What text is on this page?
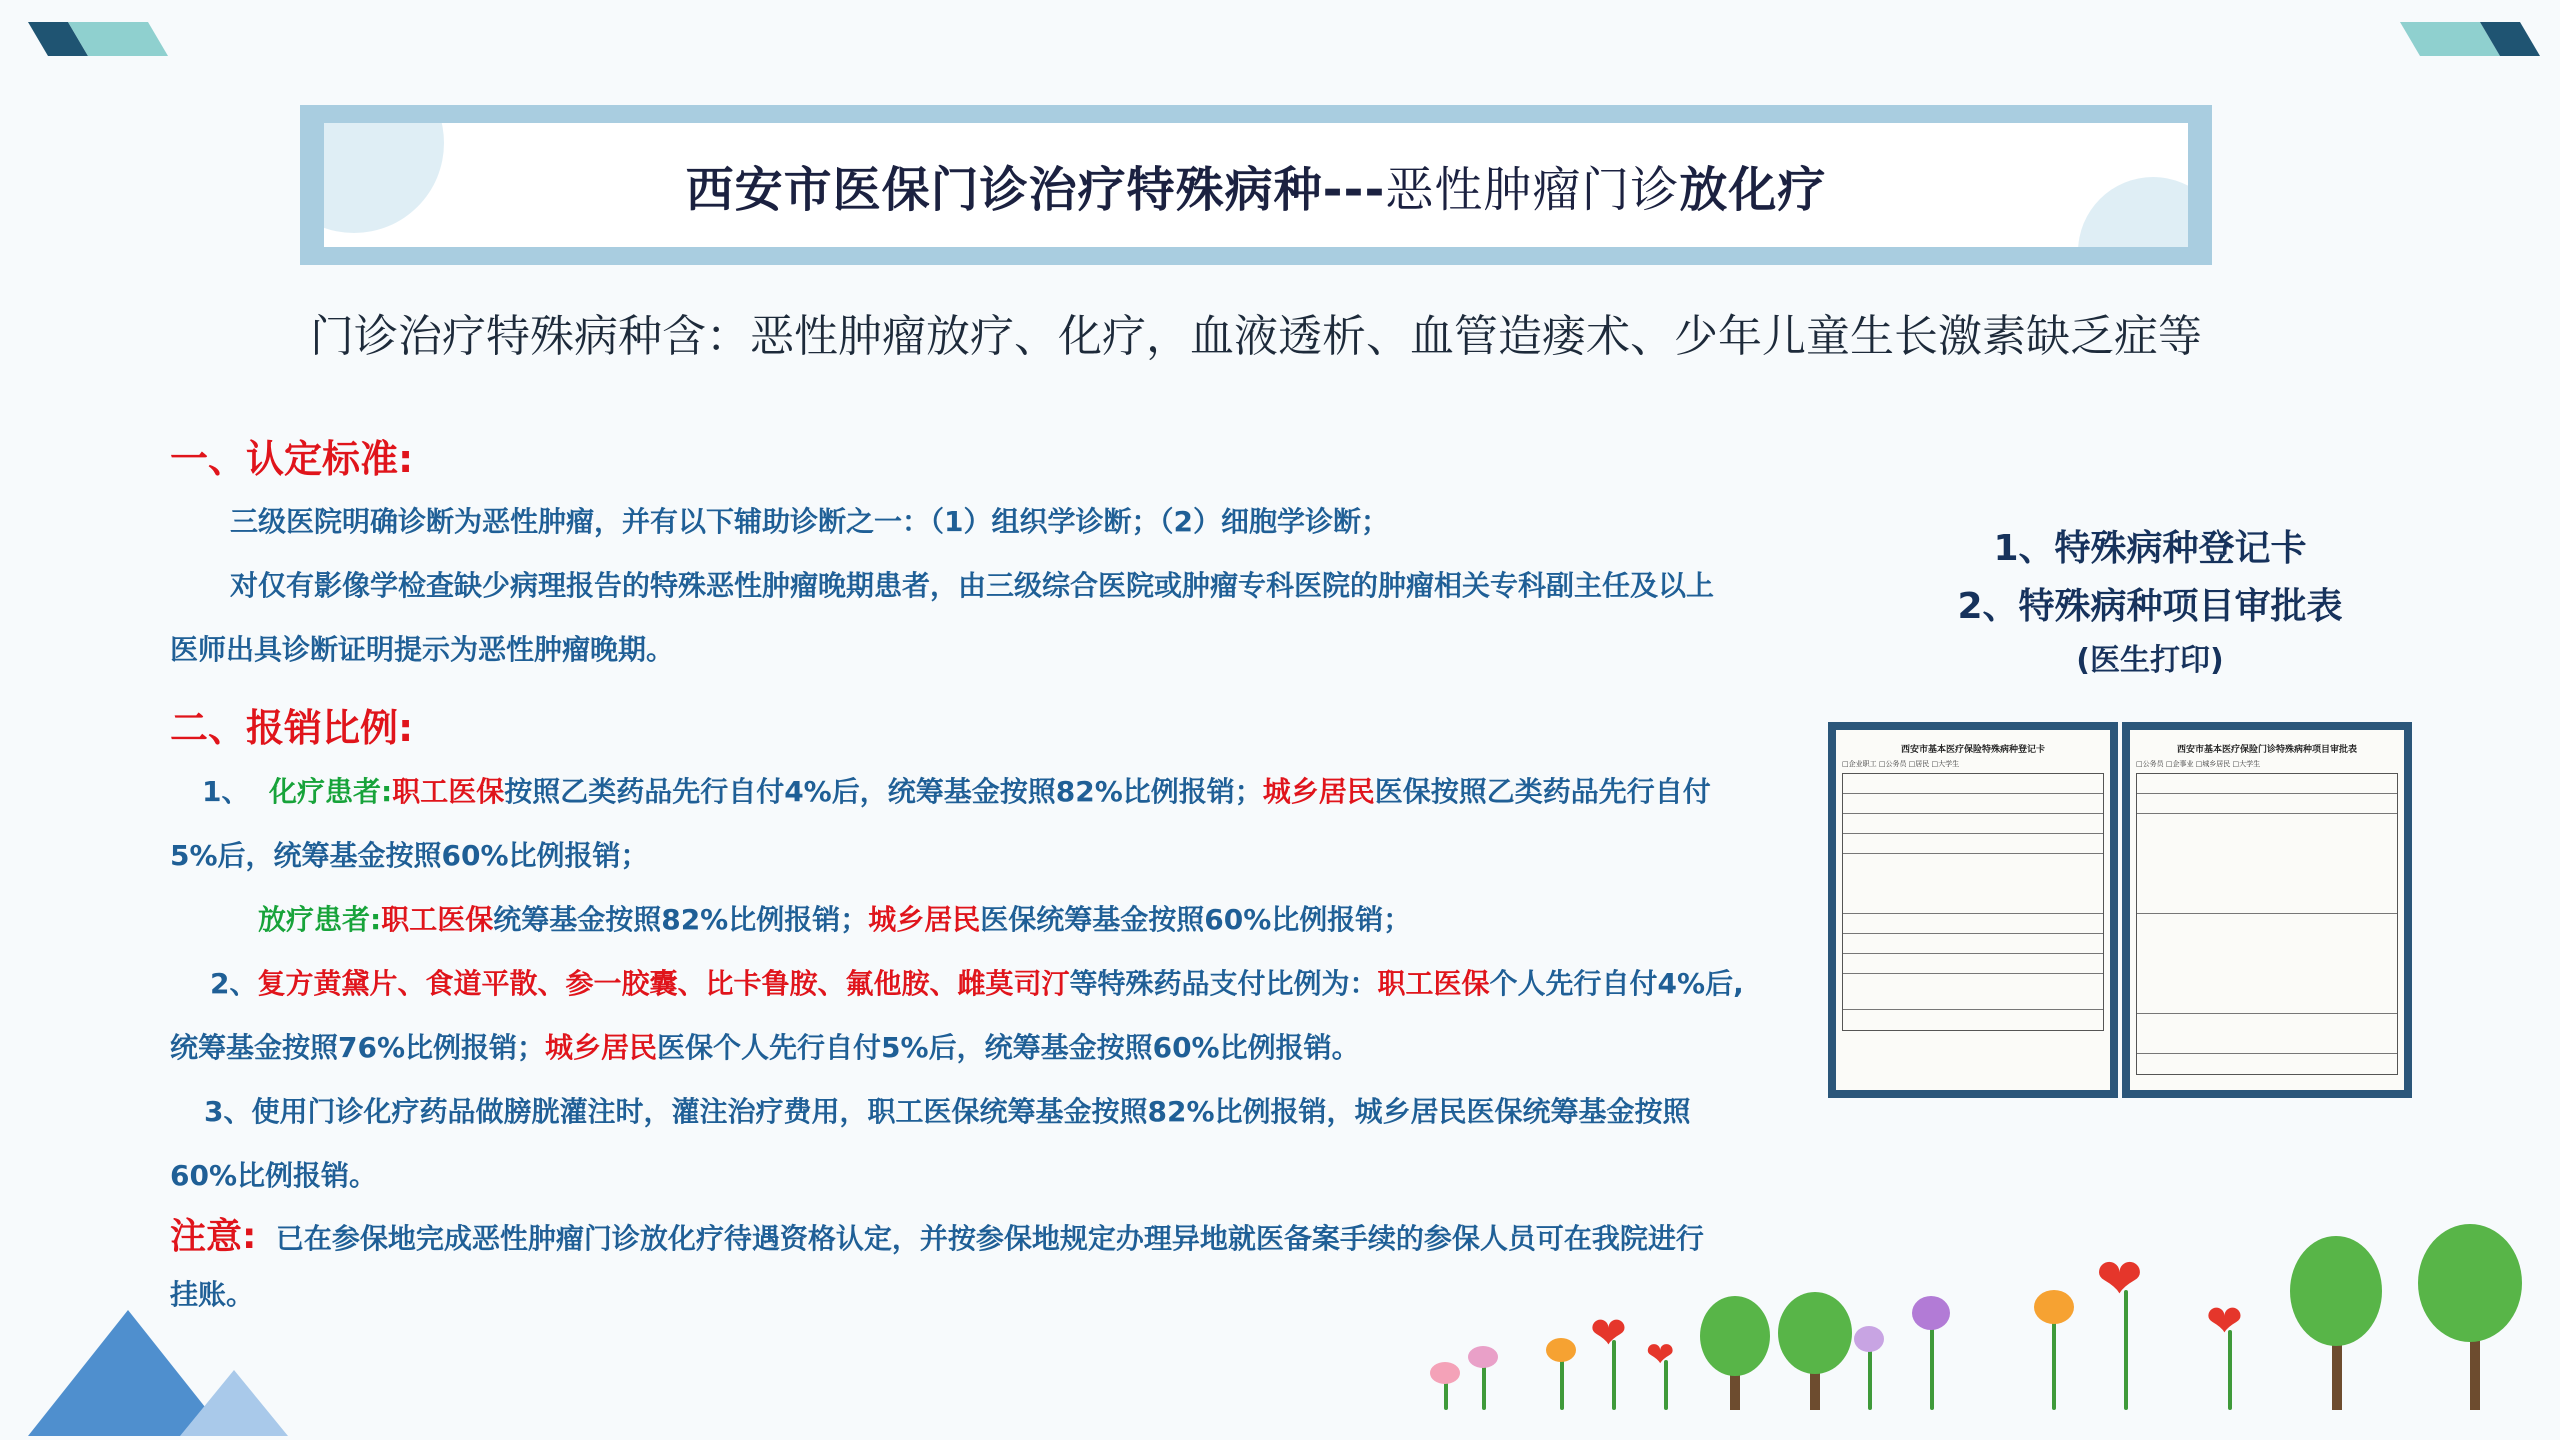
西安市医保门诊治疗特殊病种---恶性肿瘤门诊放化疗
门诊治疗特殊病种含：恶性肿瘤放疗、化疗，血液透析、血管造瘘术、少年儿童生长激素缺乏症等
一、认定标准:
三级医院明确诊断为恶性肿瘤，并有以下辅助诊断之一：（1）组织学诊断；（2）细胞学诊断；
对仅有影像学检查缺少病理报告的特殊恶性肿瘤晚期患者，由三级综合医院或肿瘤专科医院的肿瘤相关专科副主任及以上
医师出具诊断证明提示为恶性肿瘤晚期。
二、报销比例:
1、 化疗患者:职工医保按照乙类药品先行自付4%后，统筹基金按照82%比例报销；城乡居民医保按照乙类药品先行自付
5%后，统筹基金按照60%比例报销；
放疗患者:职工医保统筹基金按照82%比例报销；城乡居民医保统筹基金按照60%比例报销；
2、复方黄黛片、食道平散、参一胶囊、比卡鲁胺、氟他胺、雌莫司汀等特殊药品支付比例为：职工医保个人先行自付4%后,
统筹基金按照76%比例报销；城乡居民医保个人先行自付5%后，统筹基金按照60%比例报销。
3、使用门诊化疗药品做膀胱灌注时，灌注治疗费用，职工医保统筹基金按照82%比例报销，城乡居民医保统筹基金按照
60%比例报销。
注意: 已在参保地完成恶性肿瘤门诊放化疗待遇资格认定，并按参保地规定办理异地就医备案手续的参保人员可在我院进行
挂账。
1、特殊病种登记卡
2、特殊病种项目审批表
(医生打印)
西安市基本医疗保险特殊病种登记卡
□企业职工 □公务员 □居民 □大学生
西安市基本医疗保险门诊特殊病种项目审批表
□公务员 □企事业 □城乡居民 □大学生
❤ ❤
❤
❤
